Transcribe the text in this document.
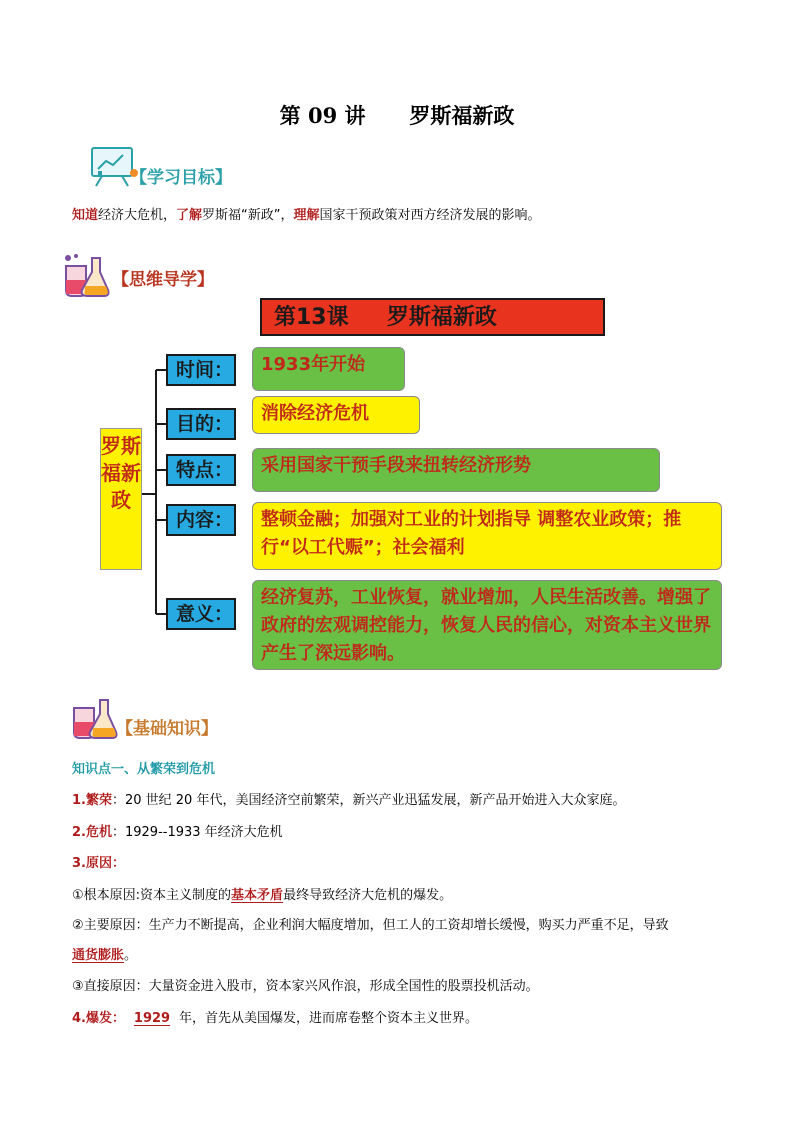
第 09 讲      罗斯福新政
【学习目标】
知道经济大危机，了解罗斯福“新政”，理解国家干预政策对西方经济发展的影响。
【思维导学】
第13课     罗斯福新政
罗斯福新政
时间：	1933年开始
目的：	消除经济危机
特点：	采用国家干预手段来扭转经济形势
内容：	整顿金融；加强对工业的计划指导 调整农业政策；推行“以工代赈”；社会福利
意义：
经济复苏，工业恢复，就业增加，人民生活改善。增强了政府的宏观调控能力，恢复人民的信心，对资本主义世界产生了深远影响。
【基础知识】
知识点一、从繁荣到危机
1.繁荣：20 世纪 20 年代，美国经济空前繁荣，新兴产业迅猛发展，新产品开始进入大众家庭。
2.危机：1929--1933 年经济大危机
3.原因：
①根本原因:资本主义制度的基本矛盾最终导致经济大危机的爆发。
②主要原因：生产力不断提高，企业利润大幅度增加，但工人的工资却增长缓慢，购买力严重不足，导致
通货膨胀。
③直接原因：大量资金进入股市，资本家兴风作浪，形成全国性的股票投机活动。
4.爆发： 1929 年，首先从美国爆发，进而席卷整个资本主义世界。
